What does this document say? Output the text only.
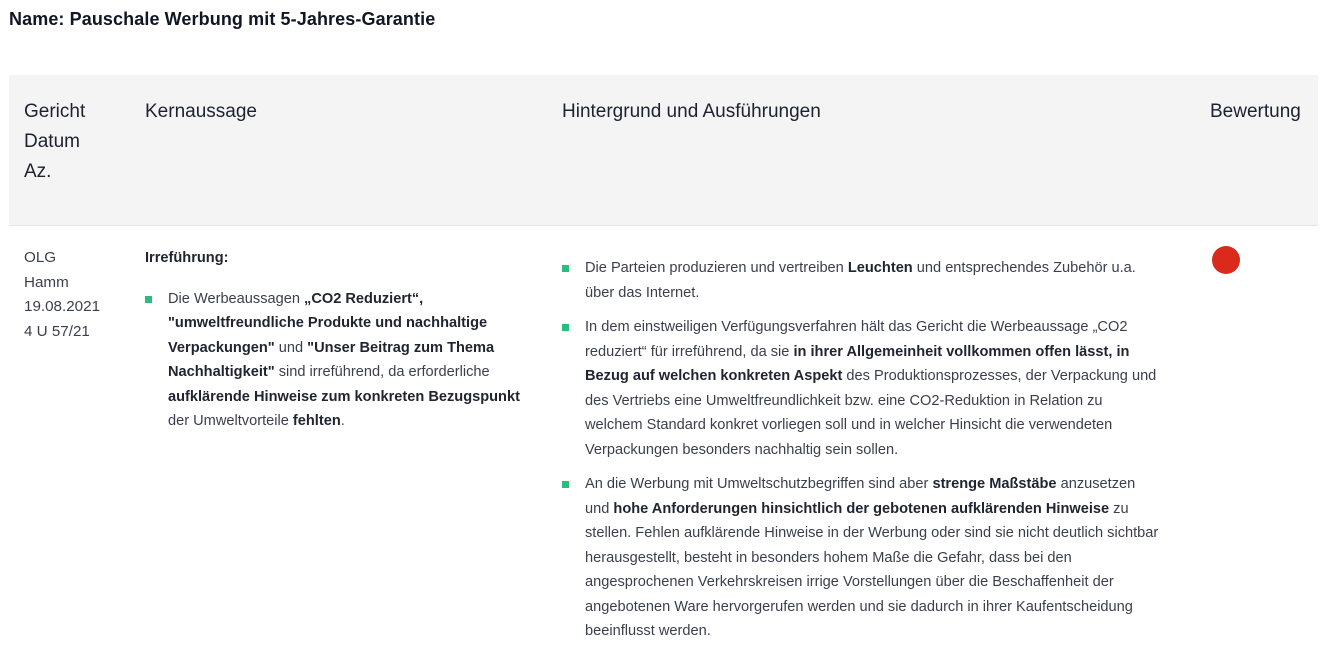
Name: Pauschale Werbung mit 5-Jahres-Garantie
Gericht
Datum
Az.
Kernaussage	Hintergrund und Ausführungen	Bewertung
OLG
Hamm
19.08.2021
4 U 57/21

Irreführung:

Die Werbeaussagen „CO2 Reduziert“, "umweltfreundliche Produkte und nachhaltige Verpackungen" und "Unser Beitrag zum Thema Nachhaltigkeit" sind irreführend, da erforderliche aufklärende Hinweise zum konkreten Bezugspunkt der Umweltvorteile fehlten.
Die Parteien produzieren und vertreiben Leuchten und entsprechendes Zubehör u.a. über das Internet.
In dem einstweiligen Verfügungsverfahren hält das Gericht die Werbeaussage „CO2 reduziert“ für irreführend, da sie in ihrer Allgemeinheit vollkommen offen lässt, in Bezug auf welchen konkreten Aspekt des Produktionsprozesses, der Verpackung und des Vertriebs eine Umweltfreundlichkeit bzw. eine CO2-Reduktion in Relation zu welchem Standard konkret vorliegen soll und in welcher Hinsicht die verwendeten Verpackungen besonders nachhaltig sein sollen.
An die Werbung mit Umweltschutzbegriffen sind aber strenge Maßstäbe anzusetzen und hohe Anforderungen hinsichtlich der gebotenen aufklärenden Hinweise zu stellen. Fehlen aufklärende Hinweise in der Werbung oder sind sie nicht deutlich sichtbar herausgestellt, besteht in besonders hohem Maße die Gefahr, dass bei den angesprochenen Verkehrskreisen irrige Vorstellungen über die Beschaffenheit der angebotenen Ware hervorgerufen werden und sie dadurch in ihrer Kaufentscheidung beeinflusst werden.
